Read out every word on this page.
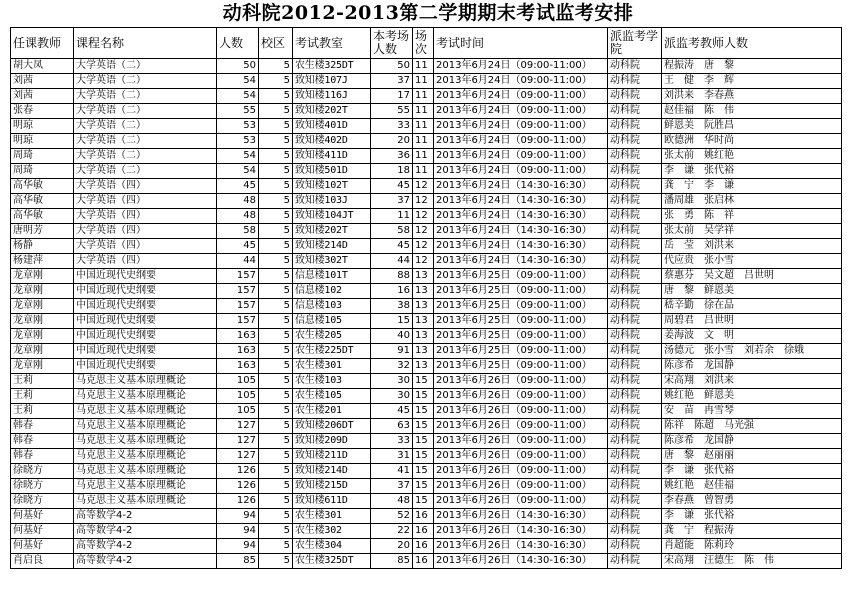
动科院2012-2013第二学期期末考试监考安排
任课教师	课程名称	人数	校区	考试教室	本考场人数	场次	考试时间	派监考学院	派监考教师人数
胡大凤	大学英语（二）	50	5	农生楼325DT	50	11	2013年6月24日（09:00-11:00）	动科院	程振涛　唐　黎
刘茜	大学英语（二）	54	5	致知楼107J	37	11	2013年6月24日（09:00-11:00）	动科院	王　健　李　辉
刘茜	大学英语（二）	54	5	致知楼116J	17	11	2013年6月24日（09:00-11:00）	动科院	刘洪来　李春燕
张春	大学英语（二）	55	5	致知楼202T	55	11	2013年6月24日（09:00-11:00）	动科院	赵佳福　陈　伟
明琼	大学英语（二）	53	5	致知楼401D	33	11	2013年6月24日（09:00-11:00）	动科院	鲜恩美　阮胜昌
明琼	大学英语（二）	53	5	致知楼402D	20	11	2013年6月24日（09:00-11:00）	动科院	欧德洲　华时尚
周琦	大学英语（二）	54	5	致知楼411D	36	11	2013年6月24日（09:00-11:00）	动科院	张太前　姚红艳
周琦	大学英语（二）	54	5	致知楼501D	18	11	2013年6月24日（09:00-11:00）	动科院	李　谦　张代裕
高华敏	大学英语（四）	45	5	致知楼102T	45	12	2013年6月24日（14:30-16:30）	动科院	龚　宁　李　谦
高华敏	大学英语（四）	48	5	致知楼103J	37	12	2013年6月24日（14:30-16:30）	动科院	潘周雄　张启林
高华敏	大学英语（四）	48	5	致知楼104JT	11	12	2013年6月24日（14:30-16:30）	动科院	张　勇　陈　祥
唐明芳	大学英语（四）	58	5	致知楼202T	58	12	2013年6月24日（14:30-16:30）	动科院	张太前　吴学祥
杨静	大学英语（四）	45	5	致知楼214D	45	12	2013年6月24日（14:30-16:30）	动科院	岳　莹　刘洪来
杨建萍	大学英语（四）	44	5	致知楼302T	44	12	2013年6月24日（14:30-16:30）	动科院	代应贵　张小雪
龙章刚	中国近现代史纲要	157	5	信息楼101T	88	13	2013年6月25日（09:00-11:00）	动科院	蔡惠芬　吴文超　吕世明
龙章刚	中国近现代史纲要	157	5	信息楼102	16	13	2013年6月25日（09:00-11:00）	动科院	唐　黎　鲜恩美
龙章刚	中国近现代史纲要	157	5	信息楼103	38	13	2013年6月25日（09:00-11:00）	动科院	嵇辛勤　徐在品
龙章刚	中国近现代史纲要	157	5	信息楼105	15	13	2013年6月25日（09:00-11:00）	动科院	周碧君　吕世明
龙章刚	中国近现代史纲要	163	5	农生楼205	40	13	2013年6月25日（09:00-11:00）	动科院	姜海波　文　明
龙章刚	中国近现代史纲要	163	5	农生楼225DT	91	13	2013年6月25日（09:00-11:00）	动科院	汤德元　张小雪　刘若余　徐娥
龙章刚	中国近现代史纲要	163	5	农生楼301	32	13	2013年6月25日（09:00-11:00）	动科院	陈彦希　龙国静
王莉	马克思主义基本原理概论	105	5	农生楼103	30	15	2013年6月26日（09:00-11:00）	动科院	宋高翔　刘洪来
王莉	马克思主义基本原理概论	105	5	农生楼105	30	15	2013年6月26日（09:00-11:00）	动科院	姚红艳　鲜恩美
王莉	马克思主义基本原理概论	105	5	农生楼201	45	15	2013年6月26日（09:00-11:00）	动科院	安　苗　冉雪琴
韩春	马克思主义基本原理概论	127	5	致知楼206DT	63	15	2013年6月26日（09:00-11:00）	动科院	陈祥　陈超　马光强
韩春	马克思主义基本原理概论	127	5	致知楼209D	33	15	2013年6月26日（09:00-11:00）	动科院	陈彦希　龙国静
韩春	马克思主义基本原理概论	127	5	致知楼211D	31	15	2013年6月26日（09:00-11:00）	动科院	唐　黎　赵丽丽
徐晓方	马克思主义基本原理概论	126	5	致知楼214D	41	15	2013年6月26日（09:00-11:00）	动科院	李　谦　张代裕
徐晓方	马克思主义基本原理概论	126	5	致知楼215D	37	15	2013年6月26日（09:00-11:00）	动科院	姚红艳　赵佳福
徐晓方	马克思主义基本原理概论	126	5	致知楼611D	48	15	2013年6月26日（09:00-11:00）	动科院	李春燕　曾智勇
何基好	高等数学4-2	94	5	农生楼301	52	16	2013年6月26日（14:30-16:30）	动科院	李　谦　张代裕
何基好	高等数学4-2	94	5	农生楼302	22	16	2013年6月26日（14:30-16:30）	动科院	龚　宁　程振涛
何基好	高等数学4-2	94	5	农生楼304	20	16	2013年6月26日（14:30-16:30）	动科院	肖超能　陈莉玲
肖启良	高等数学4-2	85	5	农生楼325DT	85	16	2013年6月26日（14:30-16:30）	动科院	宋高翔　汪德生　陈　伟
